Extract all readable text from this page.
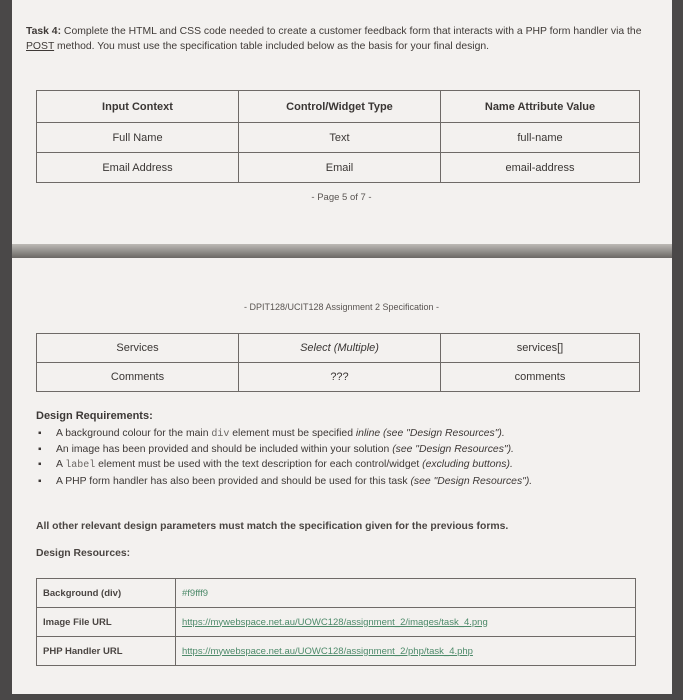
Task 4: Complete the HTML and CSS code needed to create a customer feedback form that interacts with a PHP form handler via the POST method. You must use the specification table included below as the basis for your final design.
Input Context	Control/Widget Type	Name Attribute Value
Full Name	Text	full-name
Email Address	Email	email-address
- Page 5 of 7 -
- DPIT128/UCIT128 Assignment 2 Specification -
Services	Select (Multiple)	services[]
Comments	???	comments
Design Requirements:
▪ A background colour for the main div element must be specified inline (see "Design Resources").
▪ An image has been provided and should be included within your solution (see "Design Resources").
▪ A label element must be used with the text description for each control/widget (excluding buttons).
▪ A PHP form handler has also been provided and should be used for this task (see "Design Resources").
All other relevant design parameters must match the specification given for the previous forms.
Design Resources:
Background (div)	#f9fff9
Image File URL	https://mywebspace.net.au/UOWC128/assignment_2/images/task_4.png
PHP Handler URL	https://mywebspace.net.au/UOWC128/assignment_2/php/task_4.php
